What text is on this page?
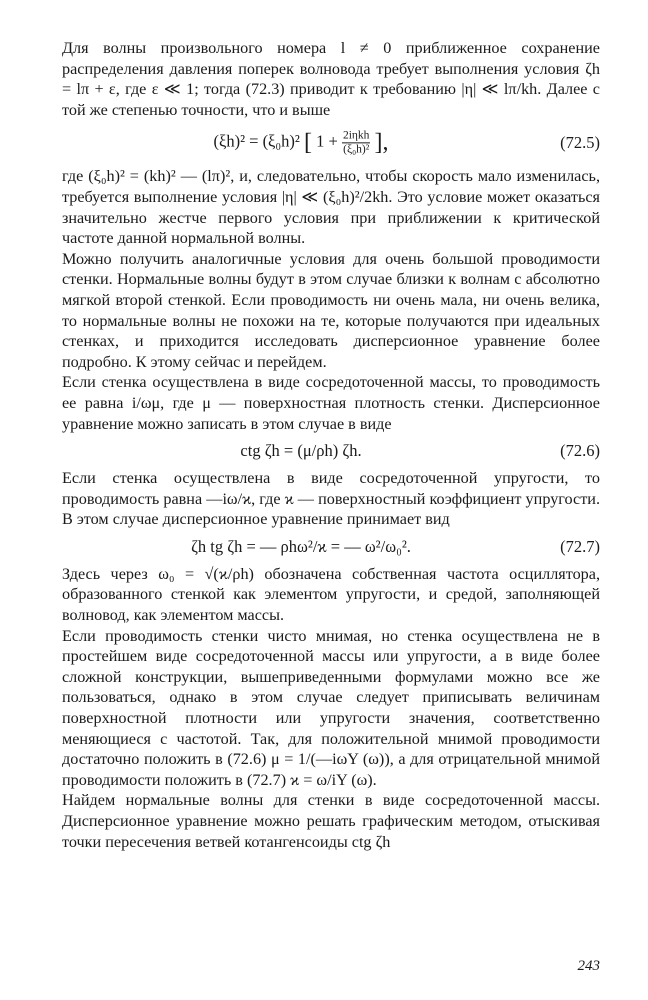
Для волны произвольного номера l ≠ 0 приближенное сохранение распределения давления поперек волновода требует выполнения условия ζh = lπ + ε, где ε ≪ 1; тогда (72.3) приводит к требованию |η| ≪ lπ/kh. Далее с той же степенью точности, что и выше

(ξh)² = (ξ₀h)² [ 1 + 2iηkh
(ξ₀h)² ],	(72.5)

где (ξ₀h)² = (kh)² — (lπ)², и, следовательно, чтобы скорость мало изменилась, требуется выполнение условия |η| ≪ (ξ₀h)²/2kh. Это условие может оказаться значительно жестче первого условия при приближении к критической частоте данной нормальной волны.

Можно получить аналогичные условия для очень большой проводимости стенки. Нормальные волны будут в этом случае близки к волнам с абсолютно мягкой второй стенкой. Если проводимость ни очень мала, ни очень велика, то нормальные волны не похожи на те, которые получаются при идеальных стенках, и приходится исследовать дисперсионное уравнение более подробно. К этому сейчас и перейдем.

Если стенка осуществлена в виде сосредоточенной массы, то проводимость ее равна i/ωμ, где μ — поверхностная плотность стенки. Дисперсионное уравнение можно записать в этом случае в виде

ctg ζh = (μ/ρh) ζh.	(72.6)

Если стенка осуществлена в виде сосредоточенной упругости, то проводимость равна —iω/ϰ, где ϰ — поверхностный коэффициент упругости. В этом случае дисперсионное уравнение принимает вид

ζh tg ζh = — ρhω²/ϰ = — ω²/ω₀².	(72.7)

Здесь через ω₀ = √(ϰ/ρh) обозначена собственная частота осциллятора, образованного стенкой как элементом упругости, и средой, заполняющей волновод, как элементом массы.

Если проводимость стенки чисто мнимая, но стенка осуществлена не в простейшем виде сосредоточенной массы или упругости, а в виде более сложной конструкции, вышеприведенными формулами можно все же пользоваться, однако в этом случае следует приписывать величинам поверхностной плотности или упругости значения, соответственно меняющиеся с частотой. Так, для положительной мнимой проводимости достаточно положить в (72.6) μ = 1/(—iωY (ω)), а для отрицательной мнимой проводимости положить в (72.7) ϰ = ω/iY (ω).

Найдем нормальные волны для стенки в виде сосредоточенной массы. Дисперсионное уравнение можно решать графическим методом, отыскивая точки пересечения ветвей котангенсоиды ctg ζh

243
